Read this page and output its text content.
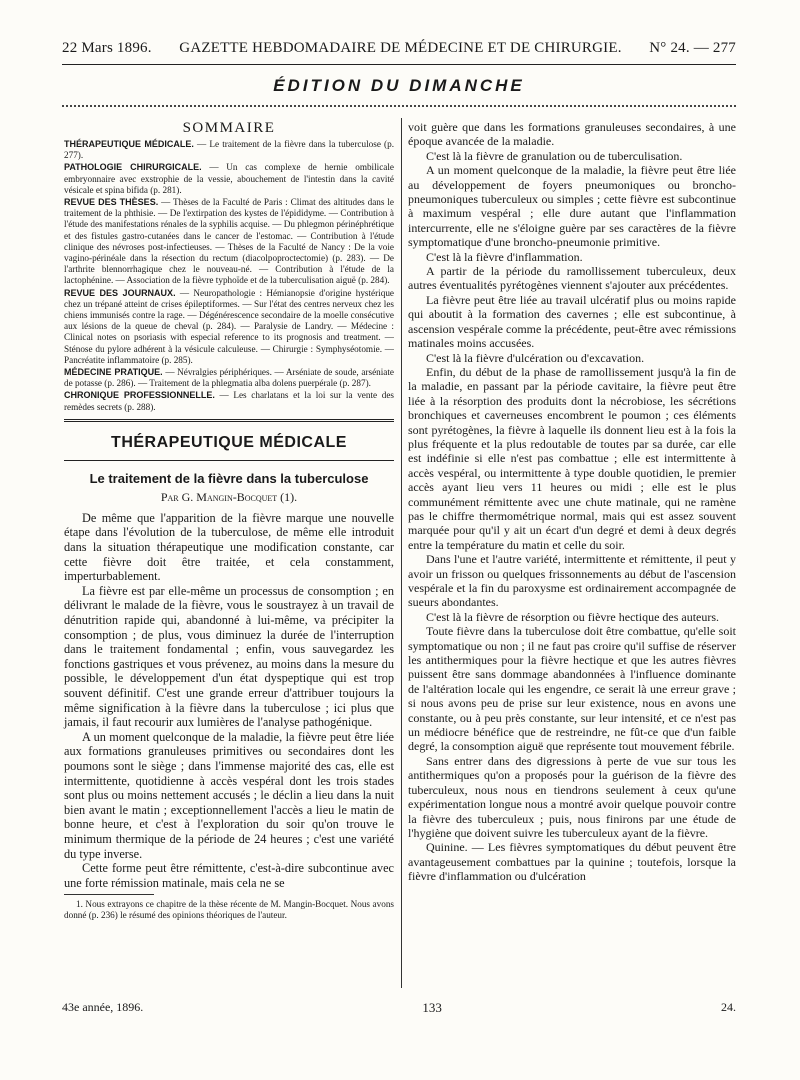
22 Mars 1896. GAZETTE HEBDOMADAIRE DE MÉDECINE ET DE CHIRURGIE. N° 24. — 277
ÉDITION DU DIMANCHE
SOMMAIRE
THÉRAPEUTIQUE MÉDICALE. — Le traitement de la fièvre dans la tuberculose (p. 277).
PATHOLOGIE CHIRURGICALE. — Un cas complexe de hernie ombilicale embryonnaire avec exstrophie de la vessie, abouchement de l'intestin dans la cavité vésicale et spina bifida (p. 281).
REVUE DES THÈSES. — Thèses de la Faculté de Paris : Climat des altitudes dans le traitement de la phthisie. — De l'extirpation des kystes de l'épididyme. — Contribution à l'étude des manifestations rénales de la syphilis acquise. — Du phlegmon périnéphrétique et des fistules gastro-cutanées dans le cancer de l'estomac. — Contribution à l'étude clinique des névroses post-infectieuses. — Thèses de la Faculté de Nancy : De la voie vagino-périnéale dans la résection du rectum (diacolpoproctectomie) (p. 283). — De l'arthrite blennorrhagique chez le nouveau-né. — Contribution à l'étude de la lactophénine. — Association de la fièvre typhoïde et de la tuberculisation aiguë (p. 284).
REVUE DES JOURNAUX. — Neuropathologie : Hémianopsie d'origine hystérique chez un trépané atteint de crises épileptiformes. — Sur l'état des centres nerveux chez les chiens immunisés contre la rage. — Dégénérescence secondaire de la moelle consécutive aux lésions de la queue de cheval (p. 284). — Paralysie de Landry. — Médecine : Clinical notes on psoriasis with especial reference to its prognosis and treatment. — Sténose du pylore adhérent à la vésicule calculeuse. — Chirurgie : Symphyséotomie. — Pancréatite inflammatoire (p. 285).
MÉDECINE PRATIQUE. — Névralgies périphériques. — Arséniate de soude, arséniate de potasse (p. 286). — Traitement de la phlegmatia alba dolens puerpérale (p. 287).
CHRONIQUE PROFESSIONNELLE. — Les charlatans et la loi sur la vente des remèdes secrets (p. 288).
THÉRAPEUTIQUE MÉDICALE
Le traitement de la fièvre dans la tuberculose
Par G. Mangin-Bocquet (1).

De même que l'apparition de la fièvre marque une nouvelle étape dans l'évolution de la tuberculose, de même elle introduit dans la situation thérapeutique une modification constante, car cette fièvre doit être traitée, et cela constamment, imperturbablement.

La fièvre est par elle-même un processus de consomption ; en délivrant le malade de la fièvre, vous le soustrayez à un travail de dénutrition rapide qui, abandonné à lui-même, va précipiter la consomption ; de plus, vous diminuez la durée de l'interruption dans le traitement fondamental ; enfin, vous sauvegardez les fonctions gastriques et vous prévenez, au moins dans la mesure du possible, le développement d'un état dyspeptique qui est trop souvent définitif. C'est une grande erreur d'attribuer toujours la même signification à la fièvre dans la tuberculose ; ici plus que jamais, il faut recourir aux lumières de l'analyse pathogénique.

A un moment quelconque de la maladie, la fièvre peut être liée aux formations granuleuses primitives ou secondaires dont les poumons sont le siège ; dans l'immense majorité des cas, elle est intermittente, quotidienne à accès vespéral dont les trois stades sont plus ou moins nettement accusés ; le déclin a lieu dans la nuit bien avant le matin ; exceptionnellement l'accès a lieu le matin de bonne heure, et c'est à l'exploration du soir qu'on trouve le minimum thermique de la période de 24 heures ; c'est une variété du type inverse.

Cette forme peut être rémittente, c'est-à-dire subcontinue avec une forte rémission matinale, mais cela ne se

1. Nous extrayons ce chapitre de la thèse récente de M. Mangin-Bocquet. Nous avons donné (p. 236) le résumé des opinions théoriques de l'auteur.

voit guère que dans les formations granuleuses secondaires, à une époque avancée de la maladie.

C'est là la fièvre de granulation ou de tuberculisation.

A un moment quelconque de la maladie, la fièvre peut être liée au développement de foyers pneumoniques ou broncho-pneumoniques tuberculeux ou simples ; cette fièvre est subcontinue à maximum vespéral ; elle dure autant que l'inflammation intercurrente, elle ne s'éloigne guère par ses caractères de la fièvre symptomatique d'une broncho-pneumonie primitive.

C'est là la fièvre d'inflammation.

A partir de la période du ramollissement tuberculeux, deux autres éventualités pyrétogènes viennent s'ajouter aux précédentes.

La fièvre peut être liée au travail ulcératif plus ou moins rapide qui aboutit à la formation des cavernes ; elle est subcontinue, à ascension vespérale comme la précédente, peut-être avec rémissions matinales moins accusées.

C'est là la fièvre d'ulcération ou d'excavation.

Enfin, du début de la phase de ramollissement jusqu'à la fin de la maladie, en passant par la période cavitaire, la fièvre peut être liée à la résorption des produits dont la nécrobiose, les sécrétions bronchiques et caverneuses encombrent le poumon ; ces éléments sont pyrétogènes, la fièvre à laquelle ils donnent lieu est à la fois la plus fréquente et la plus redoutable de toutes par sa durée, car elle est indéfinie si elle n'est pas combattue ; elle est intermittente à accès vespéral, ou intermittente à type double quotidien, le premier accès ayant lieu vers 11 heures ou midi ; elle est le plus communément rémittente avec une chute matinale, qui ne ramène pas le chiffre thermométrique normal, mais qui est assez souvent marquée pour qu'il y ait un écart d'un degré et demi à deux degrés entre la température du matin et celle du soir.

Dans l'une et l'autre variété, intermittente et rémittente, il peut y avoir un frisson ou quelques frissonnements au début de l'ascension vespérale et la fin du paroxysme est ordinairement accompagnée de sueurs abondantes.

C'est là la fièvre de résorption ou fièvre hectique des auteurs.

Toute fièvre dans la tuberculose doit être combattue, qu'elle soit symptomatique ou non ; il ne faut pas croire qu'il suffise de réserver les antithermiques pour la fièvre hectique et que les autres fièvres puissent être sans dommage abandonnées à l'influence dominante de l'altération locale qui les engendre, ce serait là une erreur grave ; si nous avons peu de prise sur leur existence, nous en avons une constante, ou à peu près constante, sur leur intensité, et ce n'est pas un médiocre bénéfice que de restreindre, ne fût-ce que d'un faible degré, la consomption aiguë que représente tout mouvement fébrile.

Sans entrer dans des digressions à perte de vue sur tous les antithermiques qu'on a proposés pour la guérison de la fièvre des tuberculeux, nous nous en tiendrons seulement à ceux qu'une expérimentation longue nous a montré avoir quelque pouvoir contre la fièvre des tuberculeux ; puis, nous finirons par une étude de l'hygiène que doivent suivre les tuberculeux ayant de la fièvre.

Quinine. — Les fièvres symptomatiques du début peuvent être avantageusement combattues par la quinine ; toutefois, lorsque la fièvre d'inflammation ou d'ulcération

43e année, 1896.	133	24.
